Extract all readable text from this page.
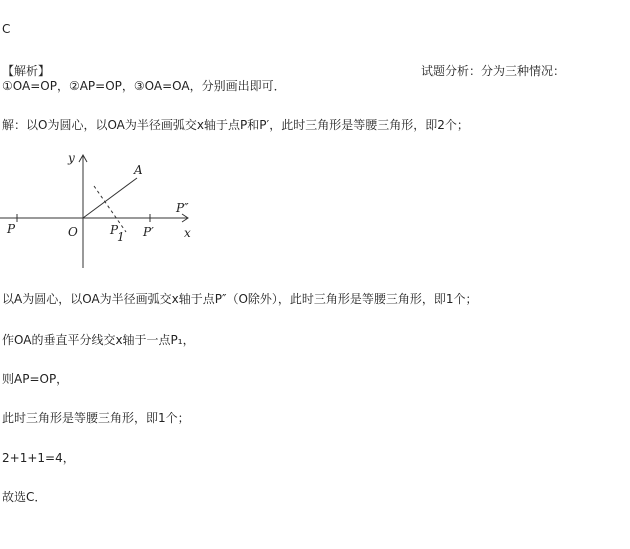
C
【解析】	试题分析：分为三种情况：
①OA=OP，②AP=OP，③OA=OA，分别画出即可．
解：以O为圆心，以OA为半径画弧交x轴于点P和P′，此时三角形是等腰三角形，即2个；
y
x
A
O
P	P
1 P′
P″
以A为圆心，以OA为半径画弧交x轴于点P″（O除外），此时三角形是等腰三角形，即1个；
作OA的垂直平分线交x轴于一点P₁，
则AP=OP，
此时三角形是等腰三角形，即1个；
2+1+1=4，
故选C．
